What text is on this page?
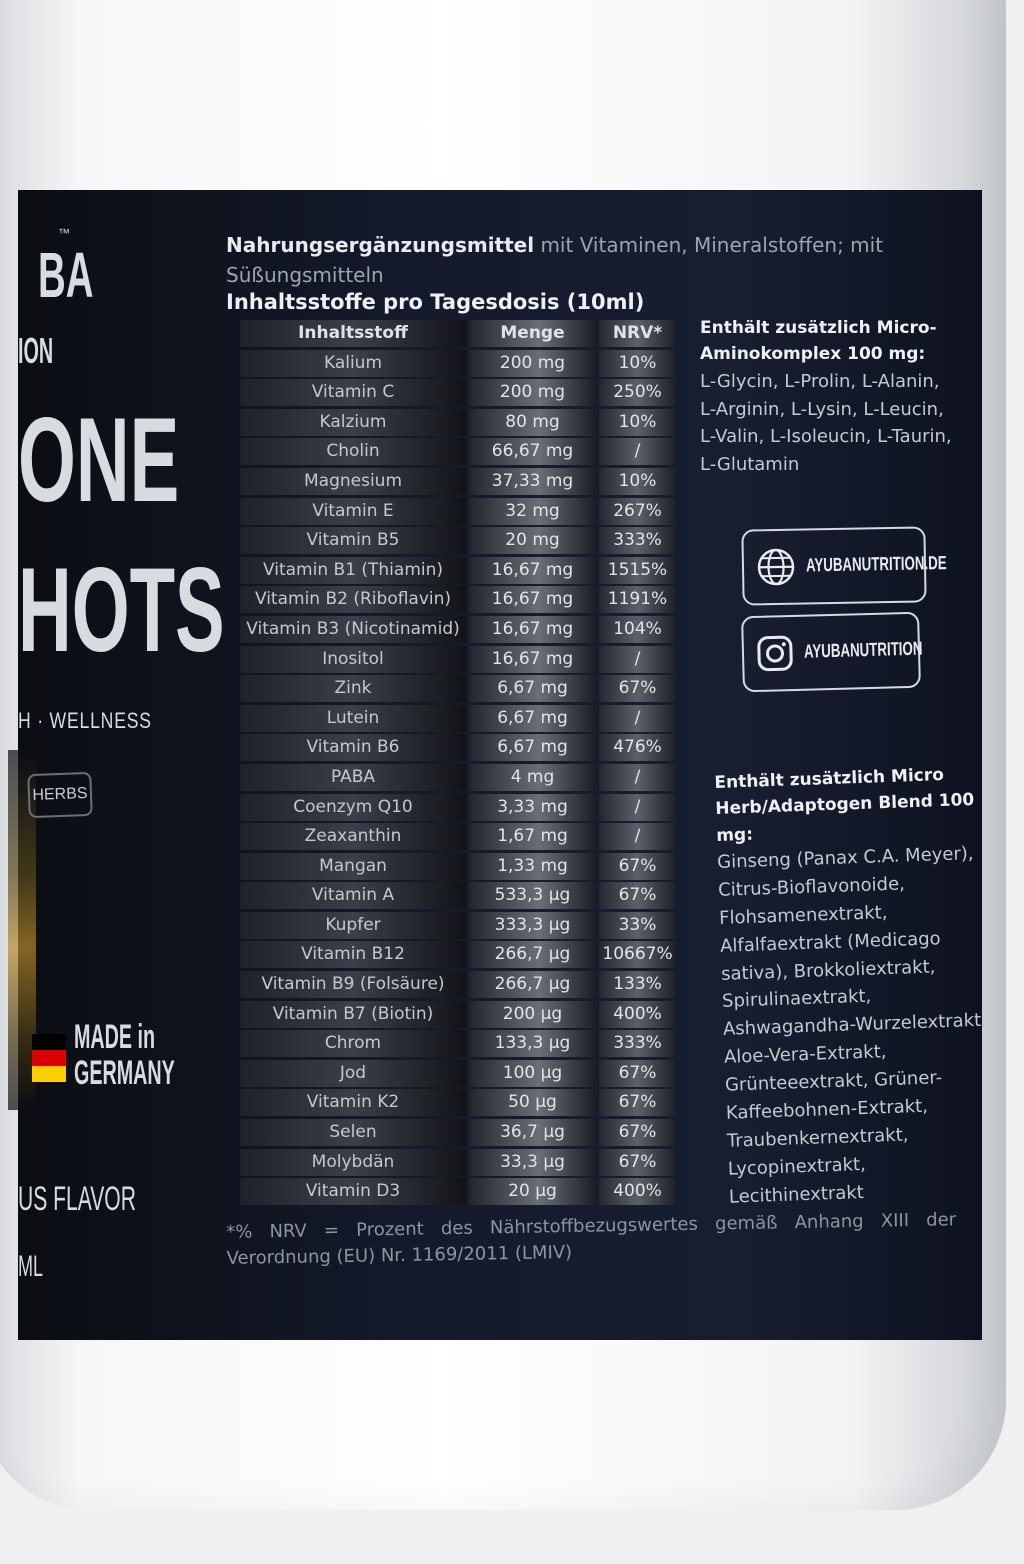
BA
™
ION
ONE
HOTS
H · WELLNESS
HERBS
MADE in
GERMANY
US FLAVOR
ML
Nahrungsergänzungsmittel mit Vitaminen, Mineralstoffen; mit Süßungsmitteln
Inhaltsstoffe pro Tagesdosis (10ml)
Inhaltsstoff	Menge	NRV*
Kalium	200 mg	10%
Vitamin C	200 mg	250%
Kalzium	80 mg	10%
Cholin	66,67 mg	/
Magnesium	37,33 mg	10%
Vitamin E	32 mg	267%
Vitamin B5	20 mg	333%
Vitamin B1 (Thiamin)	16,67 mg	1515%
Vitamin B2 (Riboflavin)	16,67 mg	1191%
Vitamin B3 (Nicotinamid)	16,67 mg	104%
Inositol	16,67 mg	/
Zink	6,67 mg	67%
Lutein	6,67 mg	/
Vitamin B6	6,67 mg	476%
PABA	4 mg	/
Coenzym Q10	3,33 mg	/
Zeaxanthin	1,67 mg	/
Mangan	1,33 mg	67%
Vitamin A	533,3 µg	67%
Kupfer	333,3 µg	33%
Vitamin B12	266,7 µg	10667%
Vitamin B9 (Folsäure)	266,7 µg	133%
Vitamin B7 (Biotin)	200 µg	400%
Chrom	133,3 µg	333%
Jod	100 µg	67%
Vitamin K2	50 µg	67%
Selen	36,7 µg	67%
Molybdän	33,3 µg	67%
Vitamin D3	20 µg	400%
Enthält zusätzlich Micro-Aminokomplex 100 mg:
L-Glycin, L-Prolin, L-Alanin, L-Arginin, L-Lysin, L-Leucin, L-Valin, L-Isoleucin, L-Taurin, L-Glutamin
AYUBANUTRITION.DE
AYUBANUTRITION
Enthält zusätzlich Micro Herb/Adaptogen Blend 100 mg:
Ginseng (Panax C.A. Meyer), Citrus-Bioflavonoide, Flohsamenextrakt, Alfalfaextrakt (Medicago sativa), Brokkoliextrakt, Spirulinaextrakt, Ashwagandha-Wurzelextrakt, Aloe-Vera-Extrakt, Grünteeextrakt, Grüner-Kaffeebohnen-Extrakt, Traubenkernextrakt, Lycopinextrakt, Lecithinextrakt
*% NRV = Prozent des Nährstoffbezugswertes gemäß Anhang XIII der Verordnung (EU) Nr. 1169/2011 (LMIV)
